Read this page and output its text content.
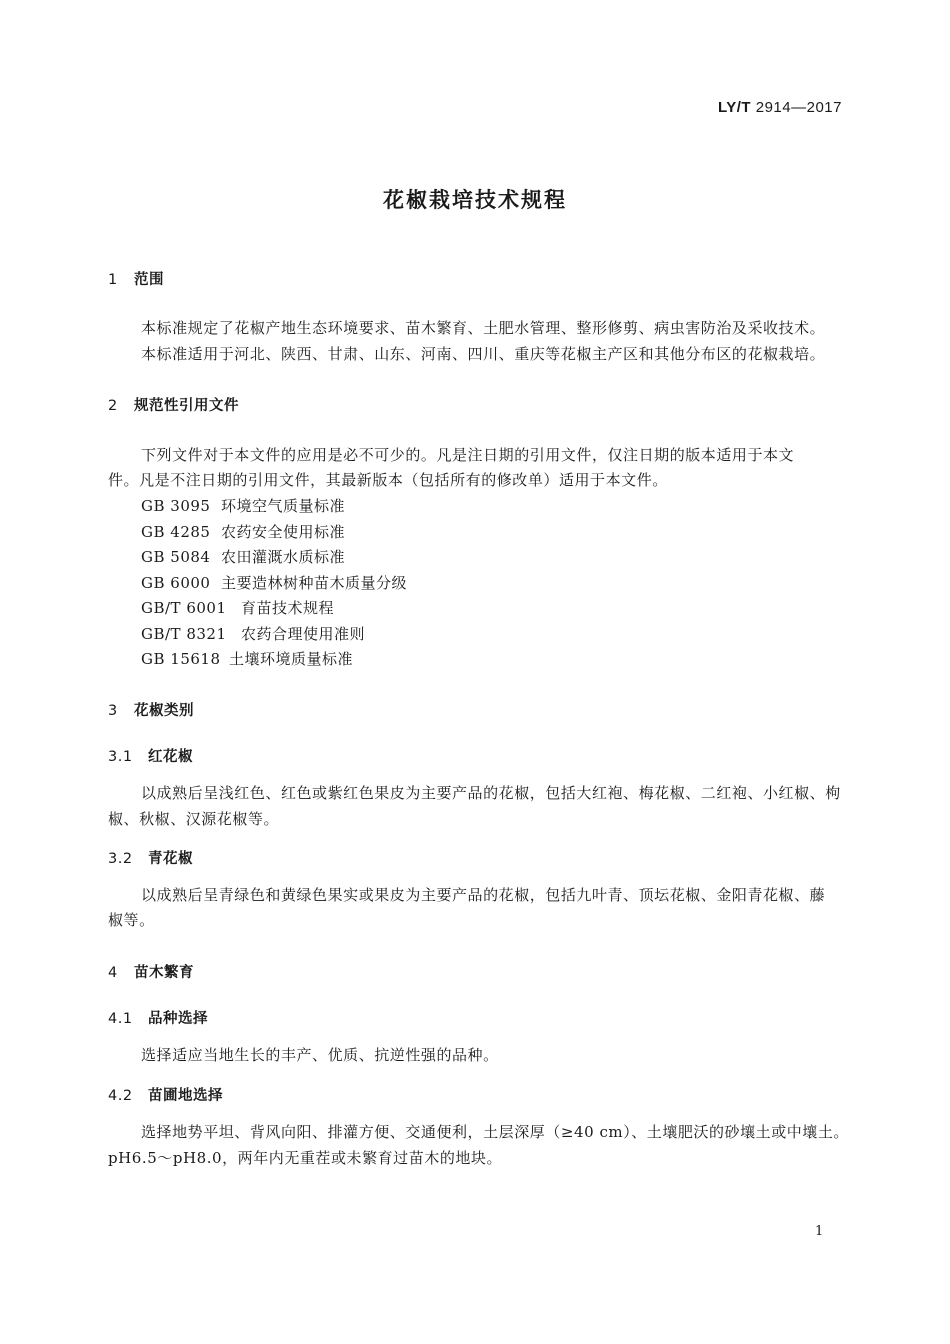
LY/T 2914—2017
花椒栽培技术规程
1 范围
本标准规定了花椒产地生态环境要求、苗木繁育、土肥水管理、整形修剪、病虫害防治及采收技术。
本标准适用于河北、陕西、甘肃、山东、河南、四川、重庆等花椒主产区和其他分布区的花椒栽培。
2 规范性引用文件
下列文件对于本文件的应用是必不可少的。凡是注日期的引用文件，仅注日期的版本适用于本文
件。凡是不注日期的引用文件，其最新版本（包括所有的修改单）适用于本文件。
GB 3095 环境空气质量标准
GB 4285 农药安全使用标准
GB 5084 农田灌溉水质标准
GB 6000 主要造林树种苗木质量分级
GB/T 6001 育苗技术规程
GB/T 8321 农药合理使用准则
GB 15618 土壤环境质量标准
3 花椒类别
3.1 红花椒
以成熟后呈浅红色、红色或紫红色果皮为主要产品的花椒，包括大红袍、梅花椒、二红袍、小红椒、枸
椒、秋椒、汉源花椒等。
3.2 青花椒
以成熟后呈青绿色和黄绿色果实或果皮为主要产品的花椒，包括九叶青、顶坛花椒、金阳青花椒、藤
椒等。
4 苗木繁育
4.1 品种选择
选择适应当地生长的丰产、优质、抗逆性强的品种。
4.2 苗圃地选择
选择地势平坦、背风向阳、排灌方便、交通便利，土层深厚（≥40 cm）、土壤肥沃的砂壤土或中壤土。
pH6.5～pH8.0，两年内无重茬或未繁育过苗木的地块。
1
